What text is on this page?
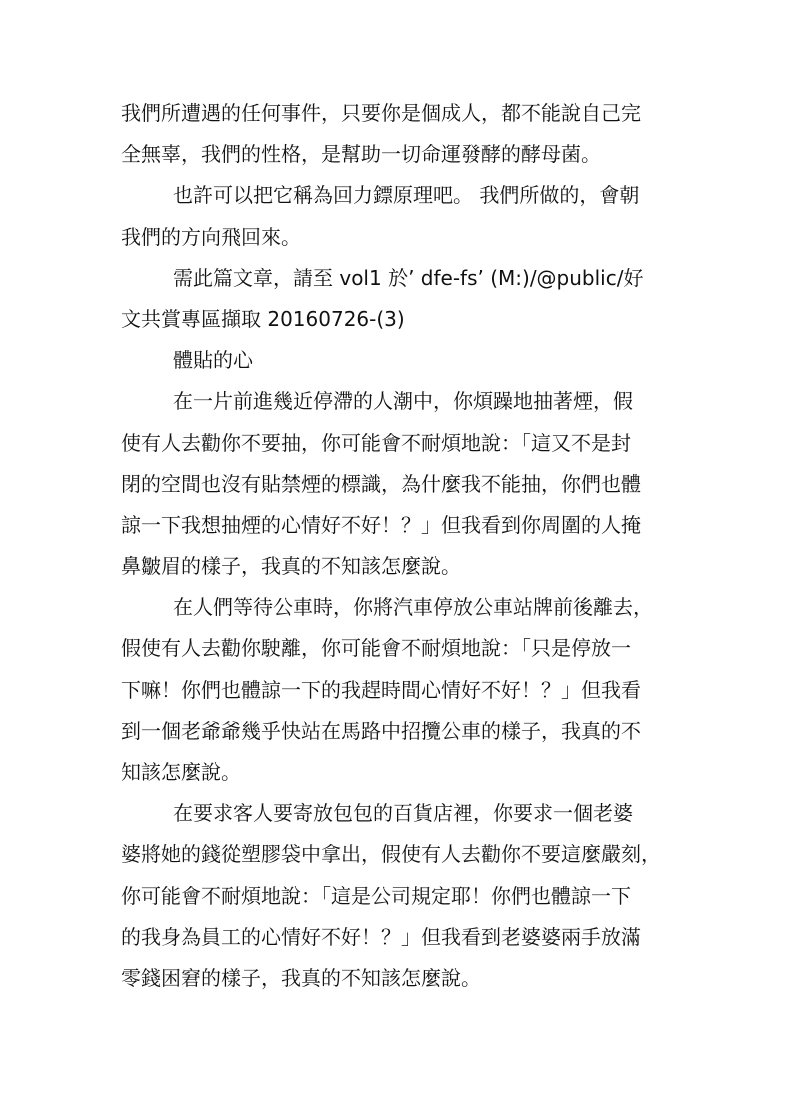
我們所遭遇的任何事件，只要你是個成人，都不能說自己完
全無辜，我們的性格，是幫助一切命運發酵的酵母菌。
也許可以把它稱為回力鏢原理吧。 我們所做的，會朝
我們的方向飛回來。
需此篇文章，請至 vol1 於’ dfe-fs’ (M:)/@public/好
文共賞專區擷取 20160726-(3)
體貼的心
在一片前進幾近停滯的人潮中，你煩躁地抽著煙，假
使有人去勸你不要抽，你可能會不耐煩地說：「這又不是封
閉的空間也沒有貼禁煙的標識，為什麼我不能抽，你們也體
諒一下我想抽煙的心情好不好！？」但我看到你周圍的人掩
鼻皺眉的樣子，我真的不知該怎麼說。
在人們等待公車時，你將汽車停放公車站牌前後離去，
假使有人去勸你駛離，你可能會不耐煩地說：「只是停放一
下嘛！你們也體諒一下的我趕時間心情好不好！？」但我看
到一個老爺爺幾乎快站在馬路中招攬公車的樣子，我真的不
知該怎麼說。
在要求客人要寄放包包的百貨店裡，你要求一個老婆
婆將她的錢從塑膠袋中拿出，假使有人去勸你不要這麼嚴刻，
你可能會不耐煩地說：「這是公司規定耶！你們也體諒一下
的我身為員工的心情好不好！？」但我看到老婆婆兩手放滿
零錢困窘的樣子，我真的不知該怎麼說。
